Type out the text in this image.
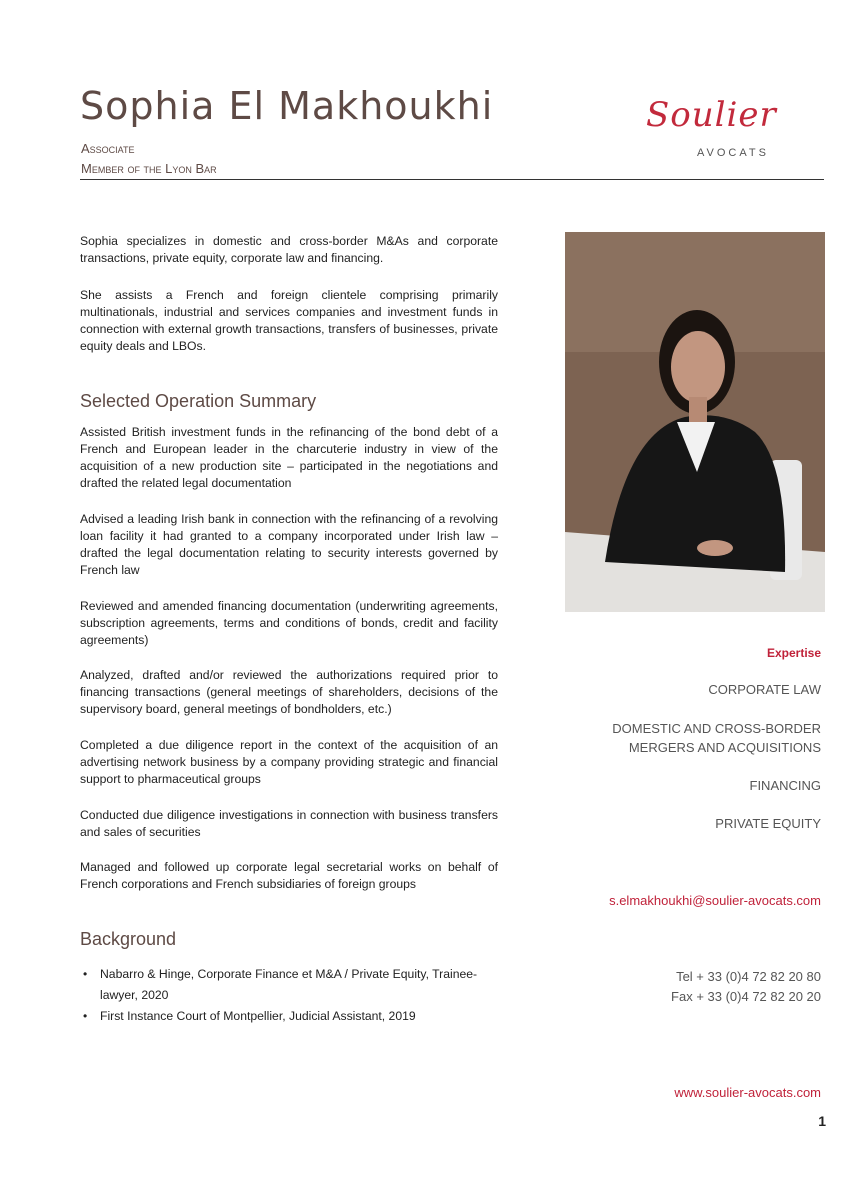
Sophia El Makhoukhi
Associate
Member of the Lyon Bar
Soulier
AVOCATS

Sophia specializes in domestic and cross-border M&As and corporate transactions, private equity, corporate law and financing.

She assists a French and foreign clientele comprising primarily multinationals, industrial and services companies and investment funds in connection with external growth transactions, transfers of businesses, private equity deals and LBOs.

Selected Operation Summary

Assisted British investment funds in the refinancing of the bond debt of a French and European leader in the charcuterie industry in view of the acquisition of a new production site – participated in the negotiations and drafted the related legal documentation

Advised a leading Irish bank in connection with the refinancing of a revolving loan facility it had granted to a company incorporated under Irish law – drafted the legal documentation relating to security interests governed by French law

Reviewed and amended financing documentation (underwriting agreements, subscription agreements, terms and conditions of bonds, credit and facility agreements)

Analyzed, drafted and/or reviewed the authorizations required prior to financing transactions (general meetings of shareholders, decisions of the supervisory board, general meetings of bondholders, etc.)

Completed a due diligence report in the context of the acquisition of an advertising network business by a company providing strategic and financial support to pharmaceutical groups

Conducted due diligence investigations in connection with business transfers and sales of securities

Managed and followed up corporate legal secretarial works on behalf of French corporations and French subsidiaries of foreign groups

Background
• Nabarro & Hinge, Corporate Finance et M&A / Private Equity, Trainee-lawyer, 2020
• First Instance Court of Montpellier, Judicial Assistant, 2019
Expertise
CORPORATE LAW
DOMESTIC AND CROSS-BORDER
MERGERS AND ACQUISITIONS
FINANCING
PRIVATE EQUITY
s.elmakhoukhi@soulier-avocats.com
Tel + 33 (0)4 72 82 20 80
Fax + 33 (0)4 72 82 20 20
www.soulier-avocats.com
1
